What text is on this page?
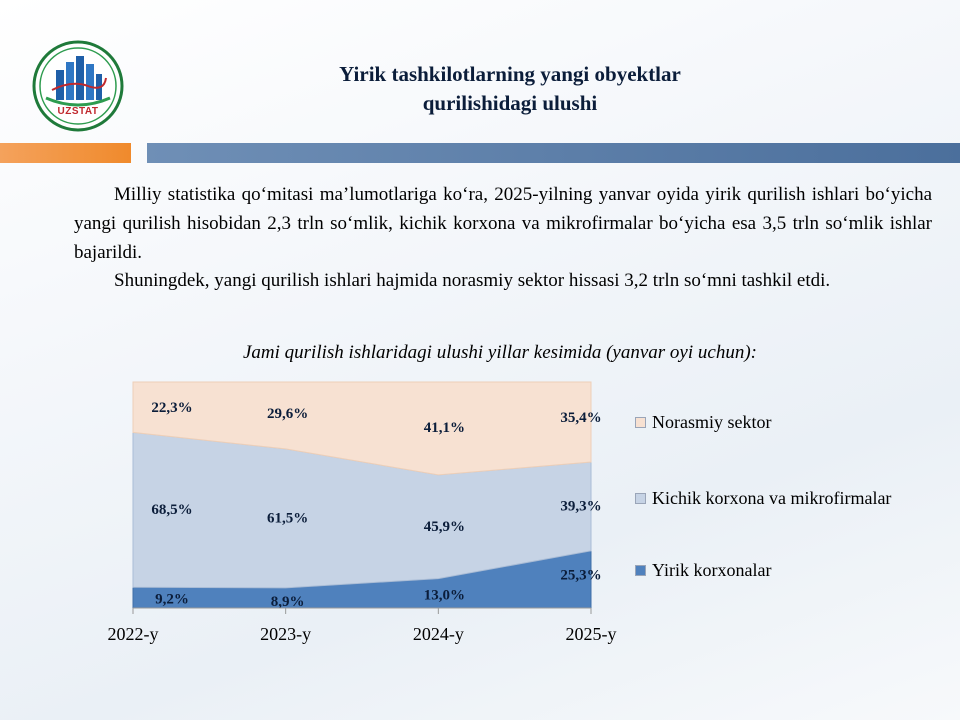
UZSTAT
Yirik tashkilotlarning yangi obyektlar
qurilishidagi ulushi
Milliy statistika qo‘mitasi ma’lumotlariga ko‘ra, 2025-yilning yanvar oyida yirik qurilish ishlari bo‘yicha yangi qurilish hisobidan 2,3 trln so‘mlik, kichik korxona va mikrofirmalar bo‘yicha esa 3,5 trln so‘mlik ishlar bajarildi.
Shuningdek, yangi qurilish ishlari hajmida norasmiy sektor hissasi 3,2 trln so‘mni tashkil etdi.
Jami qurilish ishlaridagi ulushi yillar kesimida (yanvar oyi uchun):
9,2%	8,9%	13,0%
25,3%
68,5%
61,5%
45,9%
39,3%
22,3%	29,6%
41,1%
35,4%
2022-y	2023-y	2024-y	2025-y
Norasmiy sektor
Kichik korxona va mikrofirmalar
Yirik korxonalar
